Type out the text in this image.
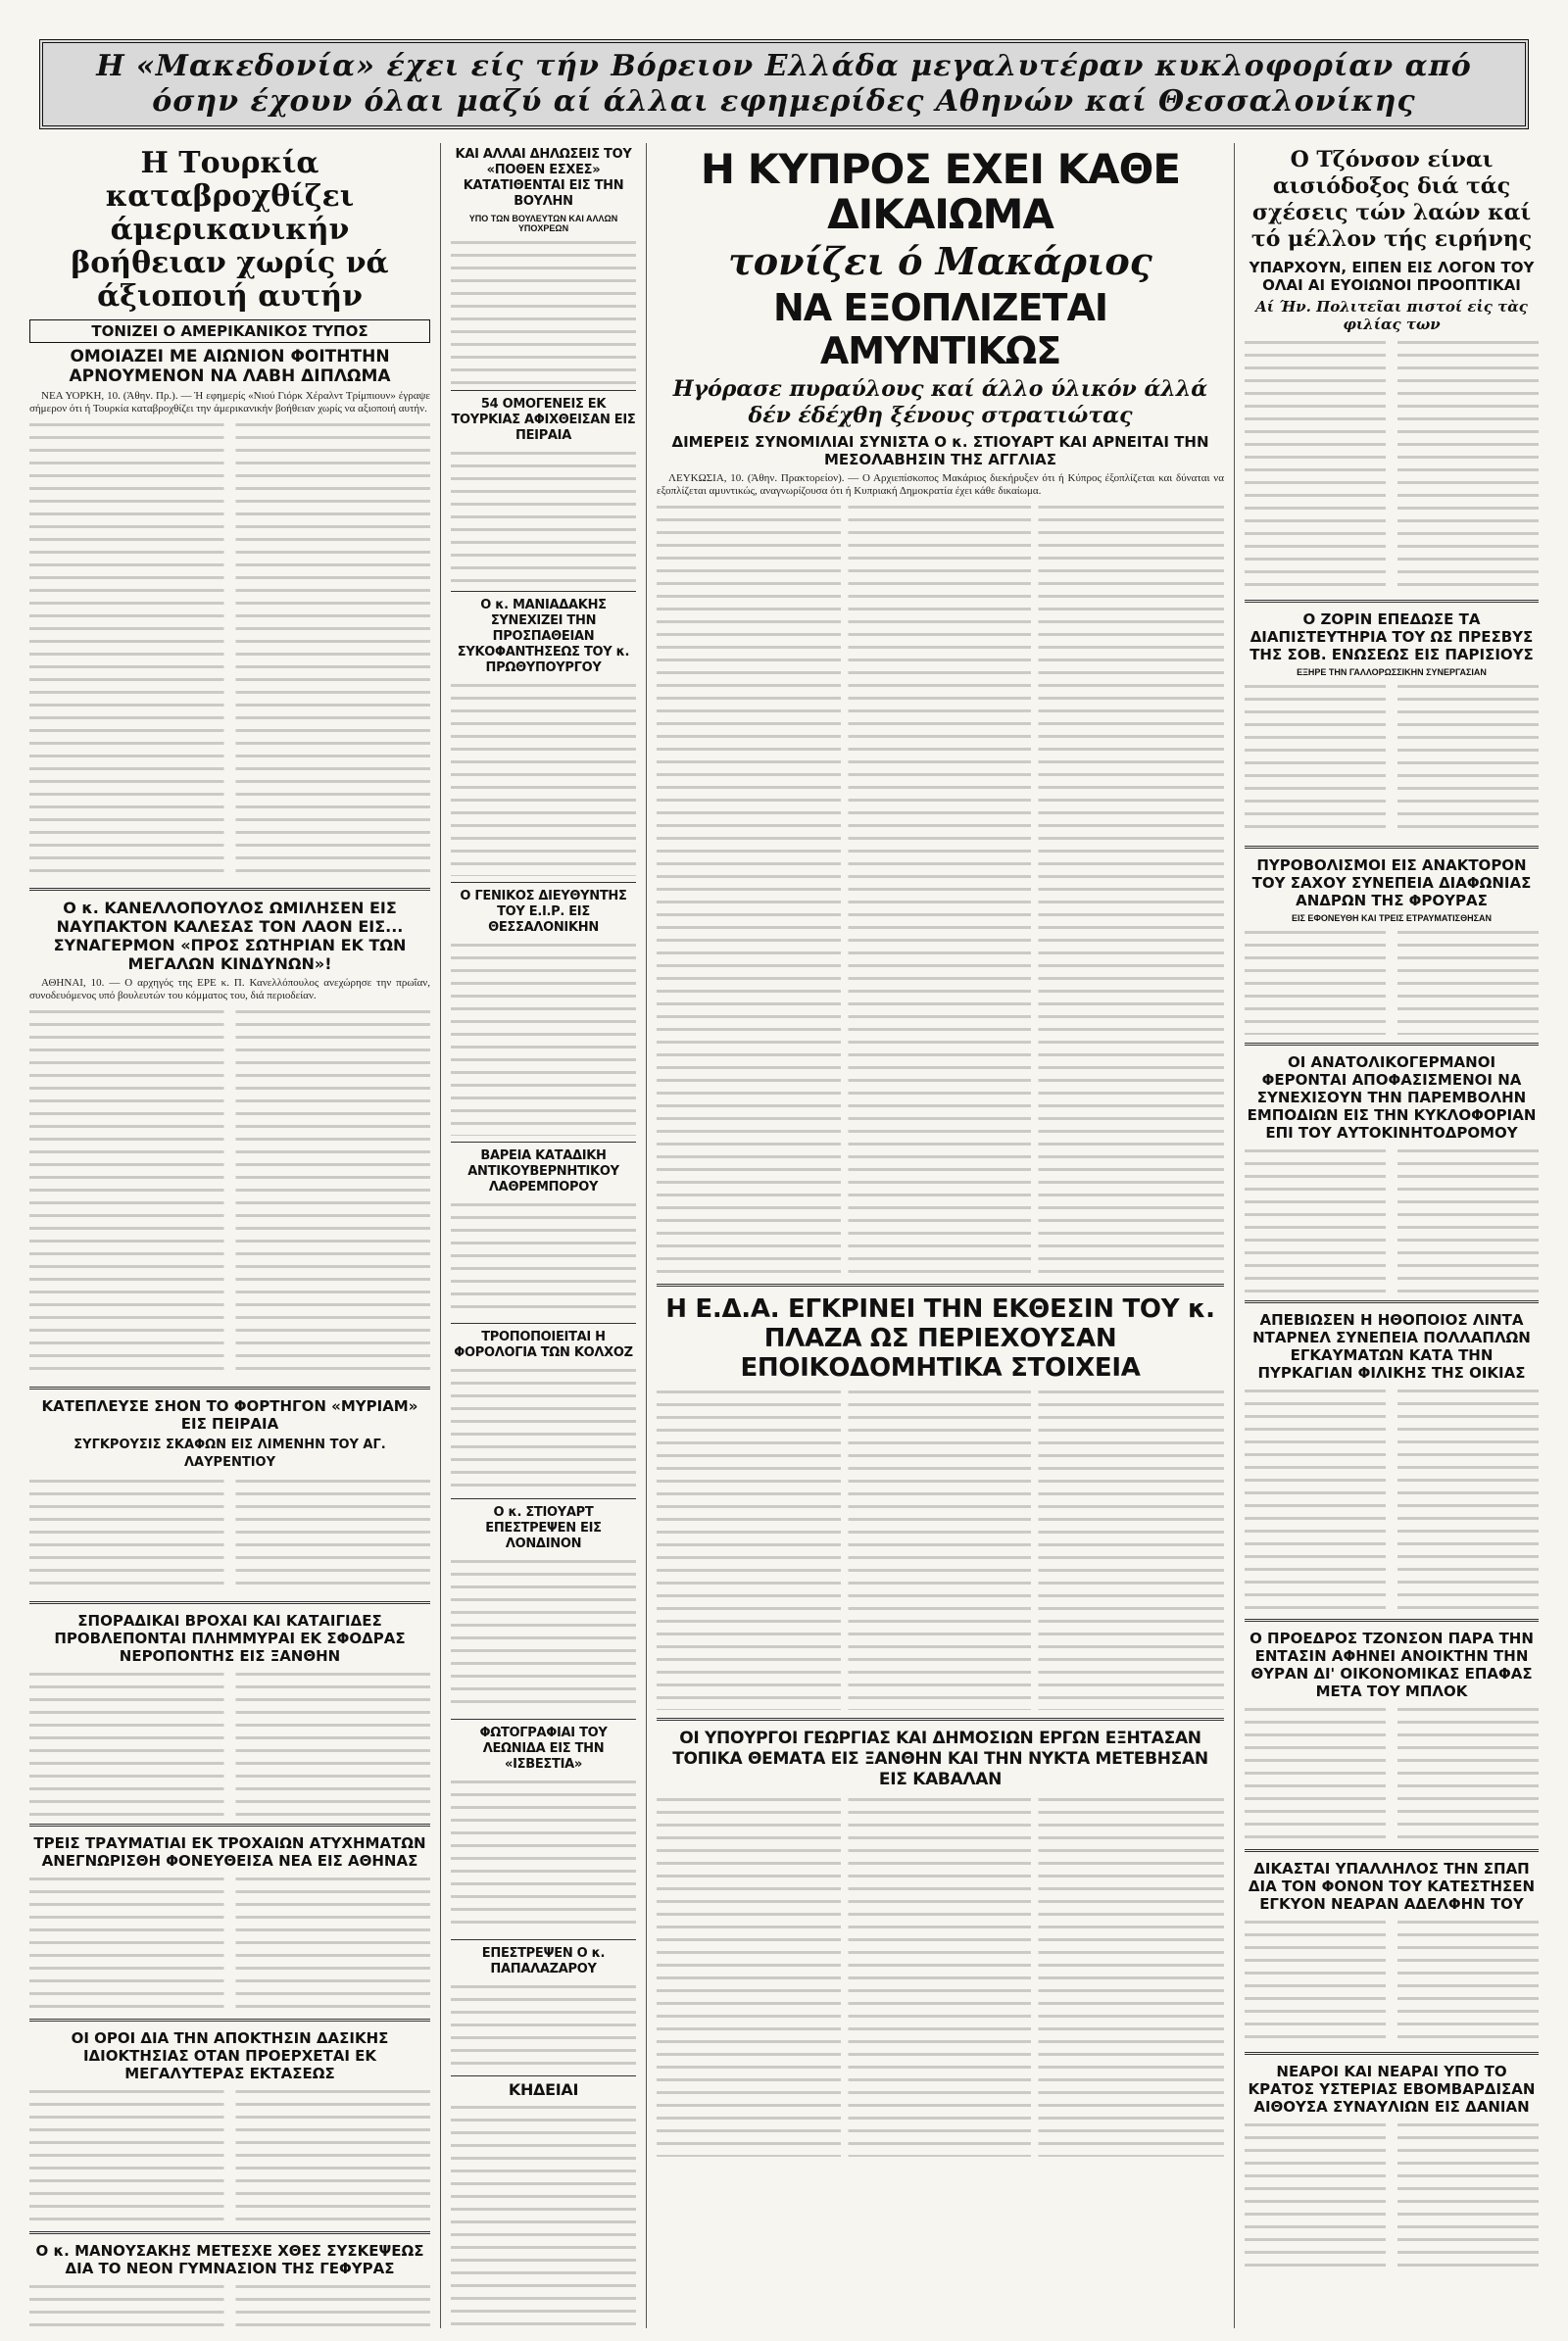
Η «Μακεδονία» έχει είς τήν Βόρειον Ελλάδα μεγαλυτέραν κυκλοφορίαν από όσην έχουν όλαι μαζύ αί άλλαι εφημερίδες Αθηνών καί Θεσσαλονίκης
Η Τουρκία καταβροχθίζει άμερικανικήν βοήθειαν χωρίς νά άξιοποιή αυτήν
ΤΟΝΙΖΕΙ Ο ΑΜΕΡΙΚΑΝΙΚΟΣ ΤΥΠΟΣ
ΟΜΟΙΑΖΕΙ ΜΕ ΑΙΩΝΙΟΝ ΦΟΙΤΗΤΗΝ ΑΡΝΟΥΜΕΝΟΝ ΝΑ ΛΑΒΗ ΔΙΠΛΩΜΑ

ΝΕΑ ΥΟΡΚΗ, 10. (Άθην. Πρ.). — Ή εφημερίς «Νιού Γιόρκ Χέραλντ Τρίμπιουν» έγραψε σήμερον ότι ή Τουρκία καταβροχθίζει την άμερικανικήν βοήθειαν χωρίς να αξιοποιή αυτήν.

Ο κ. ΚΑΝΕΛΛΟΠΟΥΛΟΣ ΩΜΙΛΗΣΕΝ ΕΙΣ ΝΑΥΠΑΚΤΟΝ ΚΑΛΕΣΑΣ ΤΟΝ ΛΑΟΝ ΕΙΣ... ΣΥΝΑΓΕΡΜΟΝ «ΠΡΟΣ ΣΩΤΗΡΙΑΝ ΕΚ ΤΩΝ ΜΕΓΑΛΩΝ ΚΙΝΔΥΝΩΝ»!

ΑΘΗΝΑΙ, 10. — Ο αρχηγός της ΕΡΕ κ. Π. Κανελλόπουλος ανεχώρησε την πρωΐαν, συνοδευόμενος υπό βουλευτών του κόμματος του, διά περιοδείαν.

ΚΑΤΕΠΛΕΥΣΕ ΣΗΟΝ ΤΟ ΦΟΡΤΗΓΟΝ «ΜΥΡΙΑΜ» ΕΙΣ ΠΕΙΡΑΙΑ
ΣΥΓΚΡΟΥΣΙΣ ΣΚΑΦΩΝ ΕΙΣ ΛΙΜΕΝΗΝ ΤΟΥ ΑΓ. ΛΑΥΡΕΝΤΙΟΥ
ΣΠΟΡΑΔΙΚΑΙ ΒΡΟΧΑΙ ΚΑΙ ΚΑΤΑΙΓΙΔΕΣ ΠΡΟΒΛΕΠΟΝΤΑΙ ΠΛΗΜΜΥΡΑΙ ΕΚ ΣΦΟΔΡΑΣ ΝΕΡΟΠΟΝΤΗΣ ΕΙΣ ΞΑΝΘΗΝ
ΤΡΕΙΣ ΤΡΑΥΜΑΤΙΑΙ ΕΚ ΤΡΟΧΑΙΩΝ ΑΤΥΧΗΜΑΤΩΝ ΑΝΕΓΝΩΡΙΣΘΗ ΦΟΝΕΥΘΕΙΣΑ ΝΕΑ ΕΙΣ ΑΘΗΝΑΣ
ΟΙ ΟΡΟΙ ΔΙΑ ΤΗΝ ΑΠΟΚΤΗΣΙΝ ΔΑΣΙΚΗΣ ΙΔΙΟΚΤΗΣΙΑΣ ΟΤΑΝ ΠΡΟΕΡΧΕΤΑΙ ΕΚ ΜΕΓΑΛΥΤΕΡΑΣ ΕΚΤΑΣΕΩΣ
Ο κ. ΜΑΝΟΥΣΑΚΗΣ ΜΕΤΕΣΧΕ ΧΘΕΣ ΣΥΣΚΕΨΕΩΣ ΔΙΑ ΤΟ ΝΕΟΝ ΓΥΜΝΑΣΙΟΝ ΤΗΣ ΓΕΦΥΡΑΣ
ΚΑΙ ΑΛΛΑΙ ΔΗΛΩΣΕΙΣ ΤΟΥ «ΠΟΘΕΝ ΕΣΧΕΣ» ΚΑΤΑΤΙΘΕΝΤΑΙ ΕΙΣ ΤΗΝ ΒΟΥΛΗΝ
ΥΠΟ ΤΩΝ ΒΟΥΛΕΥΤΩΝ ΚΑΙ ΑΛΛΩΝ ΥΠΟΧΡΕΩΝ
54 ΟΜΟΓΕΝΕΙΣ ΕΚ ΤΟΥΡΚΙΑΣ ΑΦΙΧΘΕΙΣΑΝ ΕΙΣ ΠΕΙΡΑΙΑ
Ο κ. ΜΑΝΙΑΔΑΚΗΣ ΣΥΝΕΧΙΖΕΙ ΤΗΝ ΠΡΟΣΠΑΘΕΙΑΝ ΣΥΚΟΦΑΝΤΗΣΕΩΣ ΤΟΥ κ. ΠΡΩΘΥΠΟΥΡΓΟΥ
Ο ΓΕΝΙΚΟΣ ΔΙΕΥΘΥΝΤΗΣ ΤΟΥ Ε.Ι.Ρ. ΕΙΣ ΘΕΣΣΑΛΟΝΙΚΗΝ
ΒΑΡΕΙΑ ΚΑΤΑΔΙΚΗ ΑΝΤΙΚΟΥΒΕΡΝΗΤΙΚΟΥ ΛΑΘΡΕΜΠΟΡΟΥ
ΤΡΟΠΟΠΟΙΕΙΤΑΙ Η ΦΟΡΟΛΟΓΙΑ ΤΩΝ ΚΟΛΧΟΖ
Ο κ. ΣΤΙΟΥΑΡΤ ΕΠΕΣΤΡΕΨΕΝ ΕΙΣ ΛΟΝΔΙΝΟΝ
ΦΩΤΟΓΡΑΦΙΑΙ ΤΟΥ ΛΕΩΝΙΔΑ ΕΙΣ ΤΗΝ «ΙΣΒΕΣΤΙΑ»
ΕΠΕΣΤΡΕΨΕΝ Ο κ. ΠΑΠΑΛΑΖΑΡΟΥ
ΚΗΔΕΙΑΙ
Η ΚΥΠΡΟΣ ΕΧΕΙ ΚΑΘΕ ΔΙΚΑΙΩΜΑ
τονίζει ό Μακάριος
ΝΑ ΕΞΟΠΛΙΖΕΤΑΙ ΑΜΥΝΤΙΚΩΣ
Ηγόρασε πυραύλους καί άλλο ύλικόν άλλά δέν έδέχθη ξένους στρατιώτας
ΔΙΜΕΡΕΙΣ ΣΥΝΟΜΙΛΙΑΙ ΣΥΝΙΣΤΑ Ο κ. ΣΤΙΟΥΑΡΤ ΚΑΙ ΑΡΝΕΙΤΑΙ ΤΗΝ ΜΕΣΟΛΑΒΗΣΙΝ ΤΗΣ ΑΓΓΛΙΑΣ

ΛΕΥΚΩΣΙΑ, 10. (Άθην. Πρακτορείον). — Ο Αρχιεπίσκοπος Μακάριος διεκήρυξεν ότι ή Κύπρος έξοπλίζεται και δύναται να εξοπλίζεται αμυντικώς, αναγνωρίζουσα ότι ή Κυπριακή Δημοκρατία έχει κάθε δικαίωμα.

Η Ε.Δ.Α. ΕΓΚΡΙΝΕΙ ΤΗΝ ΕΚΘΕΣΙΝ ΤΟΥ κ. ΠΛΑΖΑ ΩΣ ΠΕΡΙΕΧΟΥΣΑΝ ΕΠΟΙΚΟΔΟΜΗΤΙΚΑ ΣΤΟΙΧΕΙΑ
ΟΙ ΥΠΟΥΡΓΟΙ ΓΕΩΡΓΙΑΣ ΚΑΙ ΔΗΜΟΣΙΩΝ ΕΡΓΩΝ ΕΞΗΤΑΣΑΝ ΤΟΠΙΚΑ ΘΕΜΑΤΑ ΕΙΣ ΞΑΝΘΗΝ ΚΑΙ ΤΗΝ ΝΥΚΤΑ ΜΕΤΕΒΗΣΑΝ ΕΙΣ ΚΑΒΑΛΑΝ
Ο Τζόνσον είναι αισιόδοξος διά τάς σχέσεις τών λαών καί τό μέλλον τής ειρήνης
ΥΠΑΡΧΟΥΝ, ΕΙΠΕΝ ΕΙΣ ΛΟΓΟΝ ΤΟΥ ΟΛΑΙ ΑΙ ΕΥΟΙΩΝΟΙ ΠΡΟΟΠΤΙΚΑΙ
Αί Ήν. Πολιτεῖαι πιστοί εἰς τὰς φιλίας των
Ο ΖΟΡΙΝ ΕΠΕΔΩΣΕ ΤΑ ΔΙΑΠΙΣΤΕΥΤΗΡΙΑ ΤΟΥ ΩΣ ΠΡΕΣΒΥΣ ΤΗΣ ΣΟΒ. ΕΝΩΣΕΩΣ ΕΙΣ ΠΑΡΙΣΙΟΥΣ
ΕΞΗΡΕ ΤΗΝ ΓΑΛΛΟΡΩΣΣΙΚΗΝ ΣΥΝΕΡΓΑΣΙΑΝ
ΠΥΡΟΒΟΛΙΣΜΟΙ ΕΙΣ ΑΝΑΚΤΟΡΟΝ ΤΟΥ ΣΑΧΟΥ ΣΥΝΕΠΕΙΑ ΔΙΑΦΩΝΙΑΣ ΑΝΔΡΩΝ ΤΗΣ ΦΡΟΥΡΑΣ
ΕΙΣ ΕΦΟΝΕΥΘΗ ΚΑΙ ΤΡΕΙΣ ΕΤΡΑΥΜΑΤΙΣΘΗΣΑΝ
ΟΙ ΑΝΑΤΟΛΙΚΟΓΕΡΜΑΝΟΙ ΦΕΡΟΝΤΑΙ ΑΠΟΦΑΣΙΣΜΕΝΟΙ ΝΑ ΣΥΝΕΧΙΣΟΥΝ ΤΗΝ ΠΑΡΕΜΒΟΛΗΝ ΕΜΠΟΔΙΩΝ ΕΙΣ ΤΗΝ ΚΥΚΛΟΦΟΡΙΑΝ ΕΠΙ ΤΟΥ ΑΥΤΟΚΙΝΗΤΟΔΡΟΜΟΥ
ΑΠΕΒΙΩΣΕΝ Η ΗΘΟΠΟΙΟΣ ΛΙΝΤΑ ΝΤΑΡΝΕΛ ΣΥΝΕΠΕΙΑ ΠΟΛΛΑΠΛΩΝ ΕΓΚΑΥΜΑΤΩΝ ΚΑΤΑ ΤΗΝ ΠΥΡΚΑΓΙΑΝ ΦΙΛΙΚΗΣ ΤΗΣ ΟΙΚΙΑΣ
Ο ΠΡΟΕΔΡΟΣ ΤΖΟΝΣΟΝ ΠΑΡΑ ΤΗΝ ΕΝΤΑΣΙΝ ΑΦΗΝΕΙ ΑΝΟΙΚΤΗΝ ΤΗΝ ΘΥΡΑΝ ΔΙ' ΟΙΚΟΝΟΜΙΚΑΣ ΕΠΑΦΑΣ ΜΕΤΑ ΤΟΥ ΜΠΛΟΚ
ΔΙΚΑΣΤΑΙ ΥΠΑΛΛΗΛΟΣ ΤΗΝ ΣΠΑΠ ΔΙΑ ΤΟΝ ΦΟΝΟΝ ΤΟΥ ΚΑΤΕΣΤΗΣΕΝ ΕΓΚΥΟΝ ΝΕΑΡΑΝ ΑΔΕΛΦΗΝ ΤΟΥ
ΝΕΑΡΟΙ ΚΑΙ ΝΕΑΡΑΙ ΥΠΟ ΤΟ ΚΡΑΤΟΣ ΥΣΤΕΡΙΑΣ ΕΒΟΜΒΑΡΔΙΣΑΝ ΑΙΘΟΥΣΑ ΣΥΝΑΥΛΙΩΝ ΕΙΣ ΔΑΝΙΑΝ
